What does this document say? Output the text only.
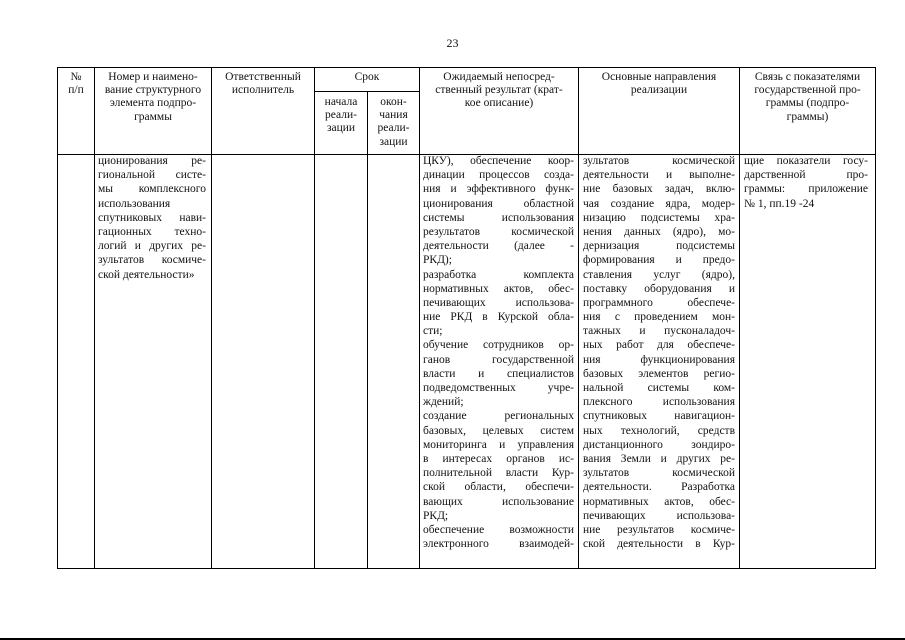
23
№
п/п
Номер и наимено-
вание структурного
элемента подпро-
граммы
Ответственный
исполнитель
Срок
начала
реали-
зации
окон-
чания
реали-
зации
Ожидаемый непосред-
ственный результат (крат-
кое описание)
Основные направления
реализации
Связь с показателями
государственной про-
граммы (подпро-
граммы)
ционирования ре-
гиональной систе-
мы комплексного
использования
спутниковых нави-
гационных техно-
логий и других ре-
зультатов космиче-
ской деятельности»
ЦКУ), обеспечение коор-
динации процессов созда-
ния и эффективного функ-
ционирования областной
системы использования
результатов космической
деятельности (далее -
РКД);
разработка комплекта
нормативных актов, обес-
печивающих использова-
ние РКД в Курской обла-
сти;
обучение сотрудников ор-
ганов государственной
власти и специалистов
подведомственных учре-
ждений;
создание региональных
базовых, целевых систем
мониторинга и управления
в интересах органов ис-
полнительной власти Кур-
ской области, обеспечи-
вающих использование
РКД;
обеспечение возможности
электронного взаимодей-
зультатов космической
деятельности и выполне-
ние базовых задач, вклю-
чая создание ядра, модер-
низацию подсистемы хра-
нения данных (ядро), мо-
дернизация подсистемы
формирования и предо-
ставления услуг (ядро),
поставку оборудования и
программного обеспече-
ния с проведением мон-
тажных и пусконаладоч-
ных работ для обеспече-
ния функционирования
базовых элементов регио-
нальной системы ком-
плексного использования
спутниковых навигацион-
ных технологий, средств
дистанционного зондиро-
вания Земли и других ре-
зультатов космической
деятельности. Разработка
нормативных актов, обес-
печивающих использова-
ние результатов космиче-
ской деятельности в Кур-
щие показатели госу-
дарственной про-
граммы: приложение
№ 1, пп.19 -24
